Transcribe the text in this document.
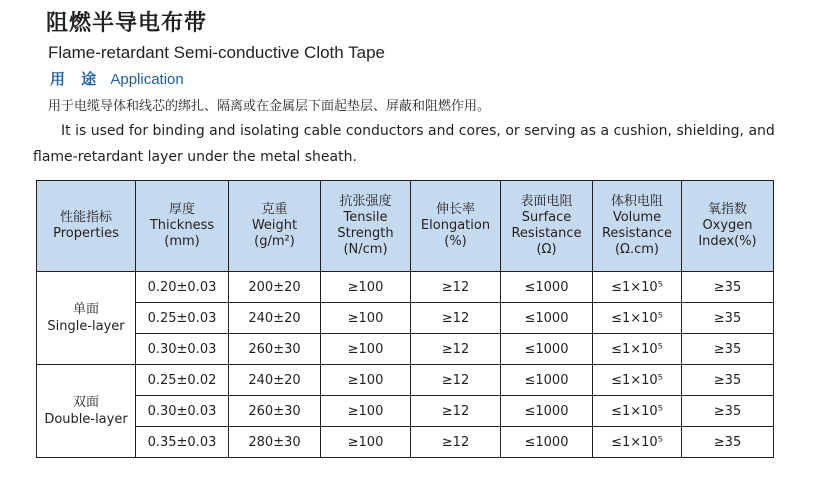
阻燃半导电布带
Flame-retardant Semi-conductive Cloth Tape
用 途 Application
用于电缆导体和线芯的绑扎、隔离或在金属层下面起垫层、屏蔽和阻燃作用。
It is used for binding and isolating cable conductors and cores, or serving as a cushion, shielding, and flame-retardant layer under the metal sheath.
性能指标
Properties	厚度
Thickness
(mm)	克重
Weight
(g/m²)	抗张强度
Tensile
Strength
(N/cm)	伸长率
Elongation
(%)	表面电阻
Surface
Resistance
(Ω)	体积电阻
Volume
Resistance
(Ω.cm)	氧指数
Oxygen
Index(%)

单面
Single-layer	0.20±0.03	200±20	≥100	≥12	≤1000	≤1×10⁵	≥35
	0.25±0.03	240±20	≥100	≥12	≤1000	≤1×10⁵	≥35
	0.30±0.03	260±30	≥100	≥12	≤1000	≤1×10⁵	≥35

双面
Double-layer	0.25±0.02	240±20	≥100	≥12	≤1000	≤1×10⁵	≥35
	0.30±0.03	260±30	≥100	≥12	≤1000	≤1×10⁵	≥35
	0.35±0.03	280±30	≥100	≥12	≤1000	≤1×10⁵	≥35
